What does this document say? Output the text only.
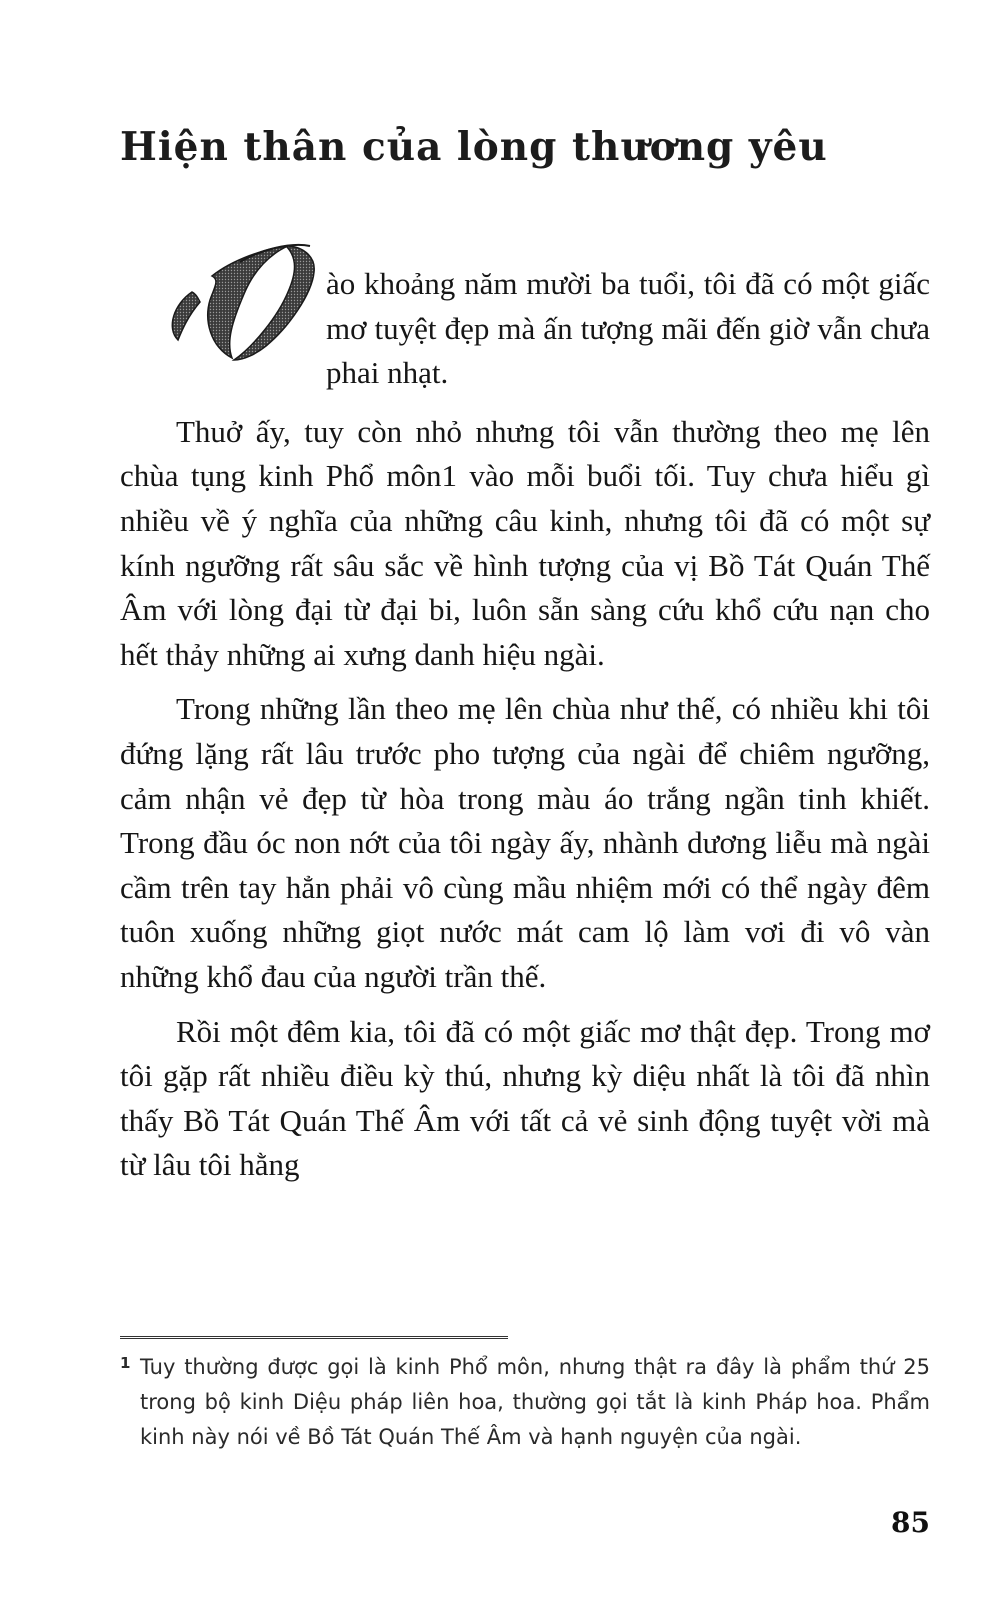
Hiện thân của lòng thương yêu

ào khoảng năm mười ba tuổi, tôi đã có một giấc mơ tuyệt đẹp mà ấn tượng mãi đến giờ vẫn chưa phai nhạt.

Thuở ấy, tuy còn nhỏ nhưng tôi vẫn thường theo mẹ lên chùa tụng kinh Phổ môn1 vào mỗi buổi tối. Tuy chưa hiểu gì nhiều về ý nghĩa của những câu kinh, nhưng tôi đã có một sự kính ngưỡng rất sâu sắc về hình tượng của vị Bồ Tát Quán Thế Âm với lòng đại từ đại bi, luôn sẵn sàng cứu khổ cứu nạn cho hết thảy những ai xưng danh hiệu ngài.

Trong những lần theo mẹ lên chùa như thế, có nhiều khi tôi đứng lặng rất lâu trước pho tượng của ngài để chiêm ngưỡng, cảm nhận vẻ đẹp từ hòa trong màu áo trắng ngần tinh khiết. Trong đầu óc non nớt của tôi ngày ấy, nhành dương liễu mà ngài cầm trên tay hẳn phải vô cùng mầu nhiệm mới có thể ngày đêm tuôn xuống những giọt nước mát cam lộ làm vơi đi vô vàn những khổ đau của người trần thế.

Rồi một đêm kia, tôi đã có một giấc mơ thật đẹp. Trong mơ tôi gặp rất nhiều điều kỳ thú, nhưng kỳ diệu nhất là tôi đã nhìn thấy Bồ Tát Quán Thế Âm với tất cả vẻ sinh động tuyệt vời mà từ lâu tôi hằng

1 Tuy thường được gọi là kinh Phổ môn, nhưng thật ra đây là phẩm thứ 25 trong bộ kinh Diệu pháp liên hoa, thường gọi tắt là kinh Pháp hoa. Phẩm kinh này nói về Bồ Tát Quán Thế Âm và hạnh nguyện của ngài.
85
